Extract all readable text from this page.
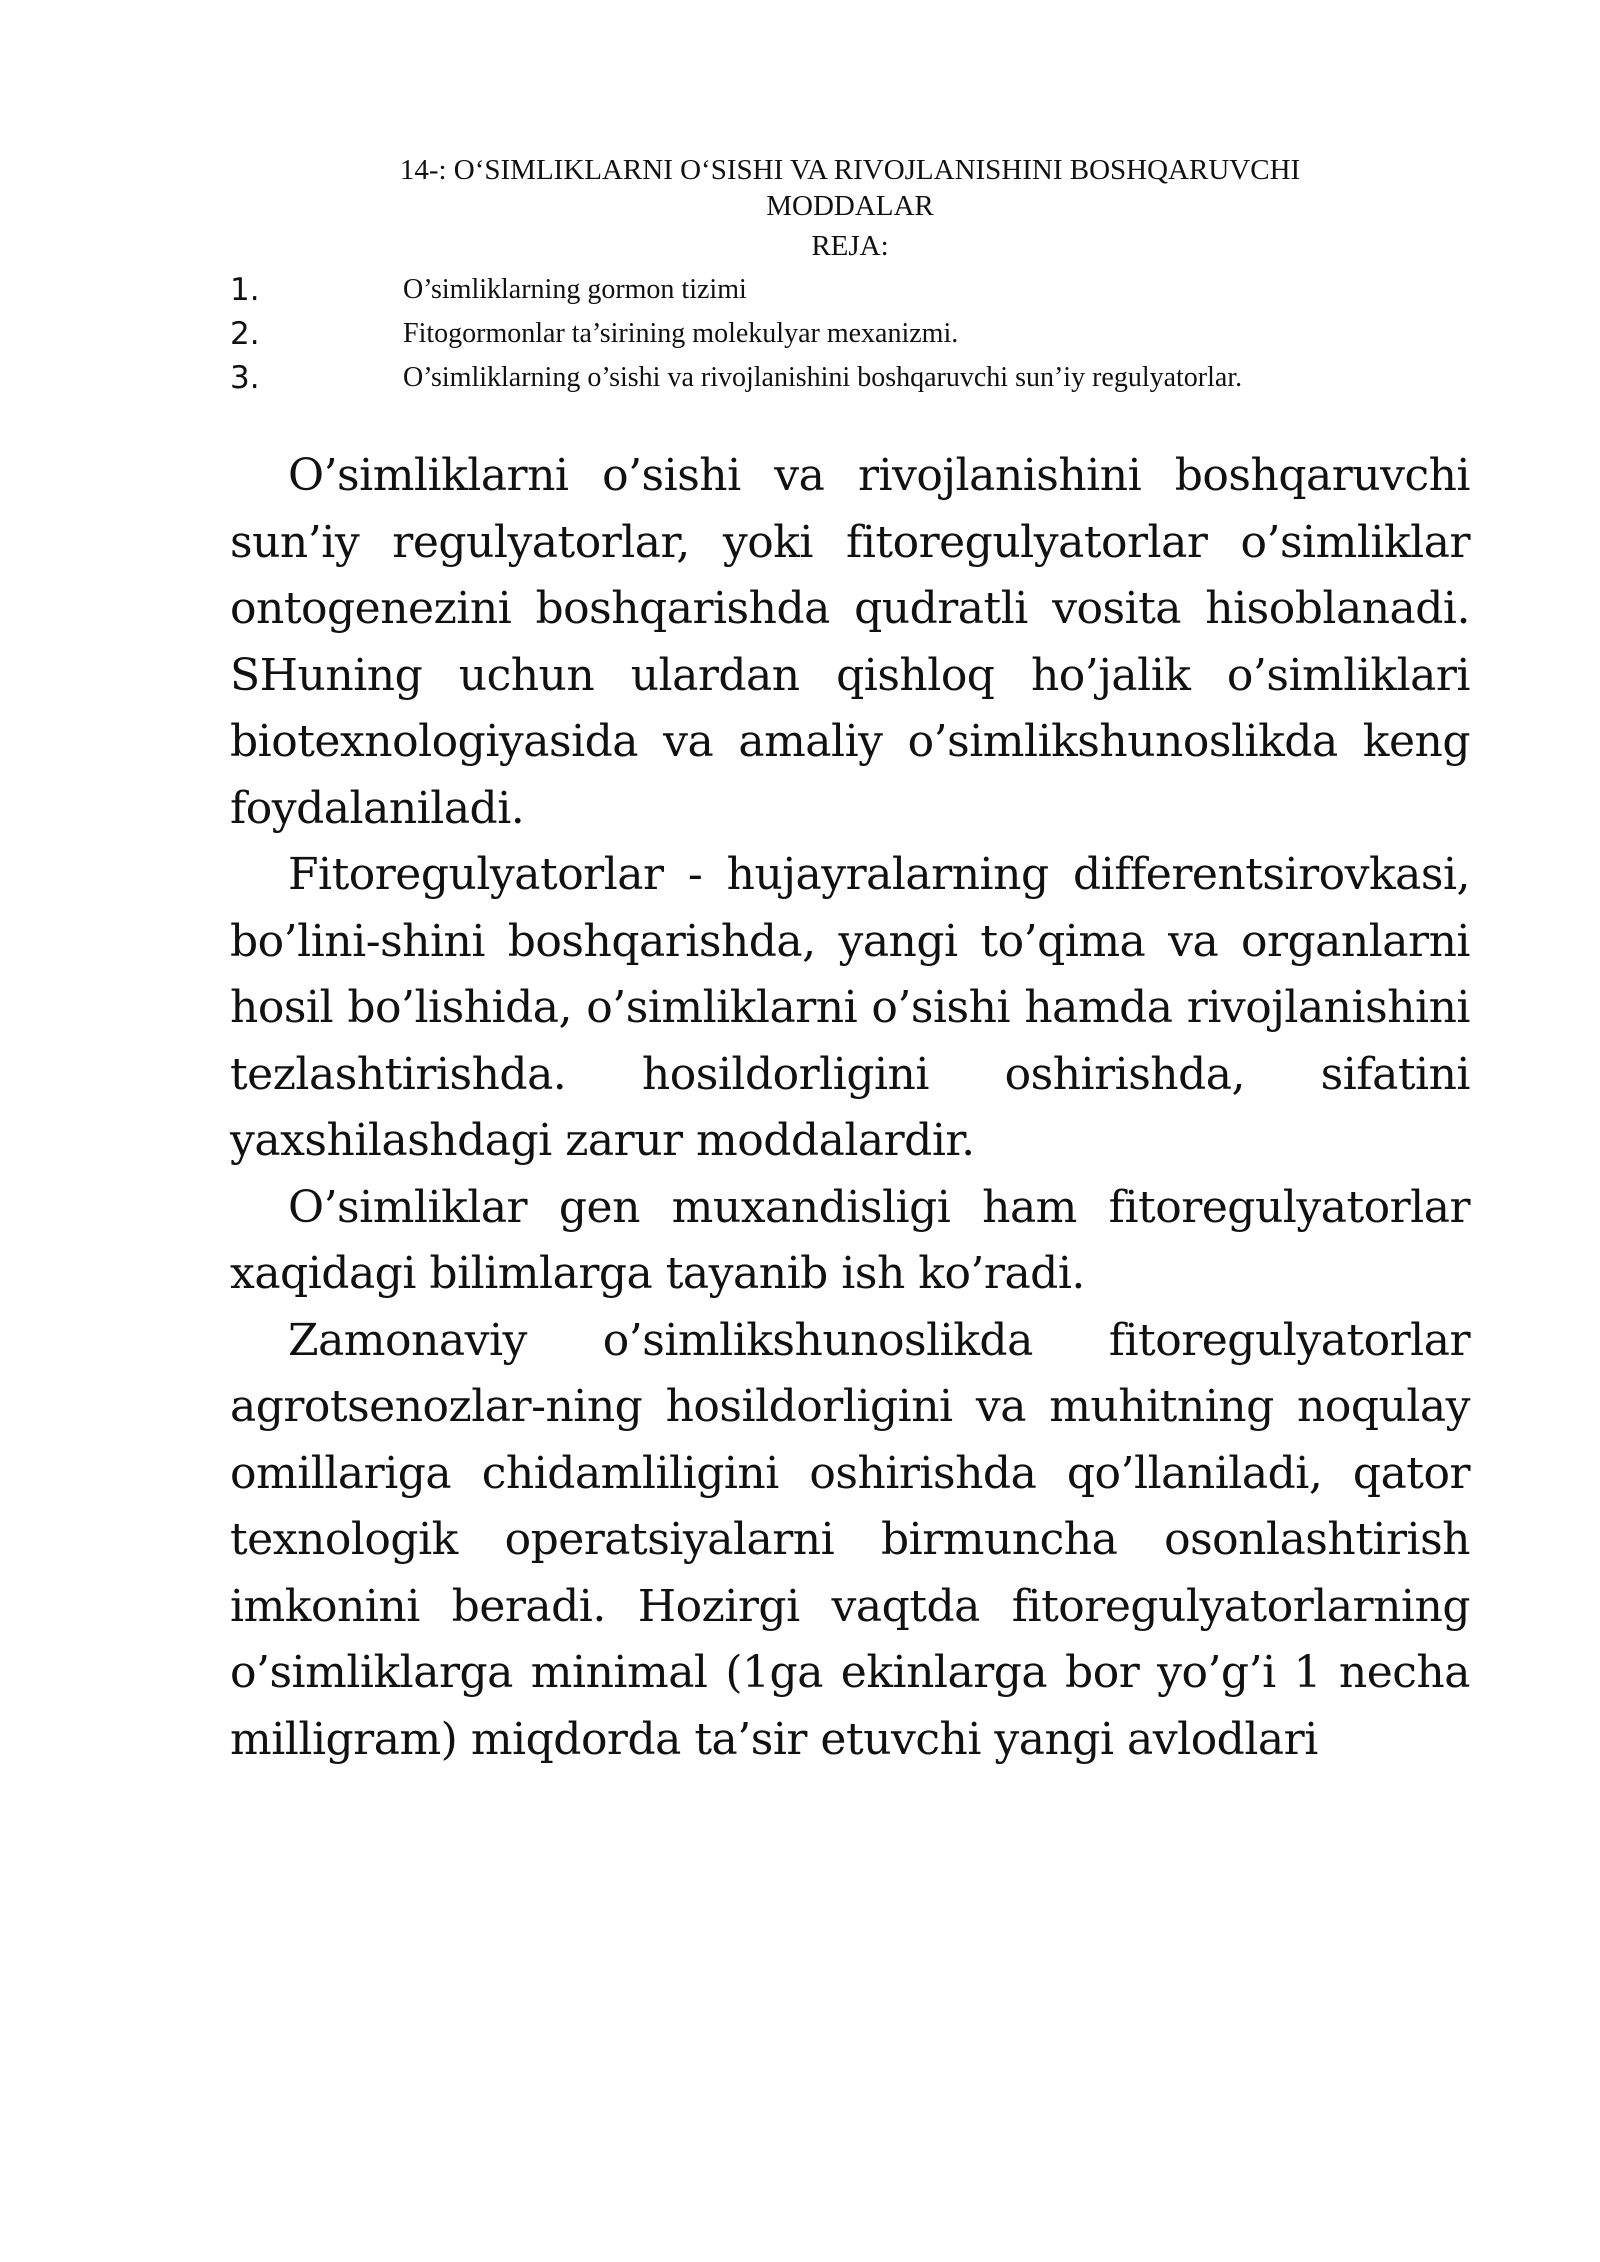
14-: O‘SIMLIKLARNI O‘SISHI VA RIVOJLANISHINI BOSHQARUVCHI
MODDALAR
REJA:
1.	O’simliklarning gormon tizimi
2.	Fitogormonlar ta’sirining molekulyar mexanizmi.
3.	O’simliklarning o’sishi va rivojlanishini boshqaruvchi sun’iy regulyatorlar.

O’simliklarni o’sishi va rivojlanishini boshqaruvchi sun’iy regulyatorlar, yoki fitoregulyatorlar o’simliklar ontogenezini boshqarishda qudratli vosita hisoblanadi. SHuning uchun ulardan qishloq ho’jalik o’simliklari biotexnologiyasida va amaliy o’simlikshunoslikda keng foydalaniladi.

Fitoregulyatorlar - hujayralarning differentsirovkasi, bo’lini-shini boshqarishda, yangi to’qima va organlarni hosil bo’lishida, o’simliklarni o’sishi hamda rivojlanishini tezlashtirishda. hosildorligini oshirishda, sifatini yaxshilashdagi zarur moddalardir.

O’simliklar gen muxandisligi ham fitoregulyatorlar xaqidagi bilimlarga tayanib ish ko’radi.

Zamonaviy o’simlikshunoslikda fitoregulyatorlar agrotsenozlar-ning hosildorligini va muhitning noqulay omillariga chidamliligini oshirishda qo’llaniladi, qator texnologik operatsiyalarni birmuncha osonlashtirish imkonini beradi. Hozirgi vaqtda fitoregulyatorlarning o’simliklarga minimal (1ga ekinlarga bor yo’g’i 1 necha milligram) miqdorda ta’sir etuvchi yangi avlodlari
